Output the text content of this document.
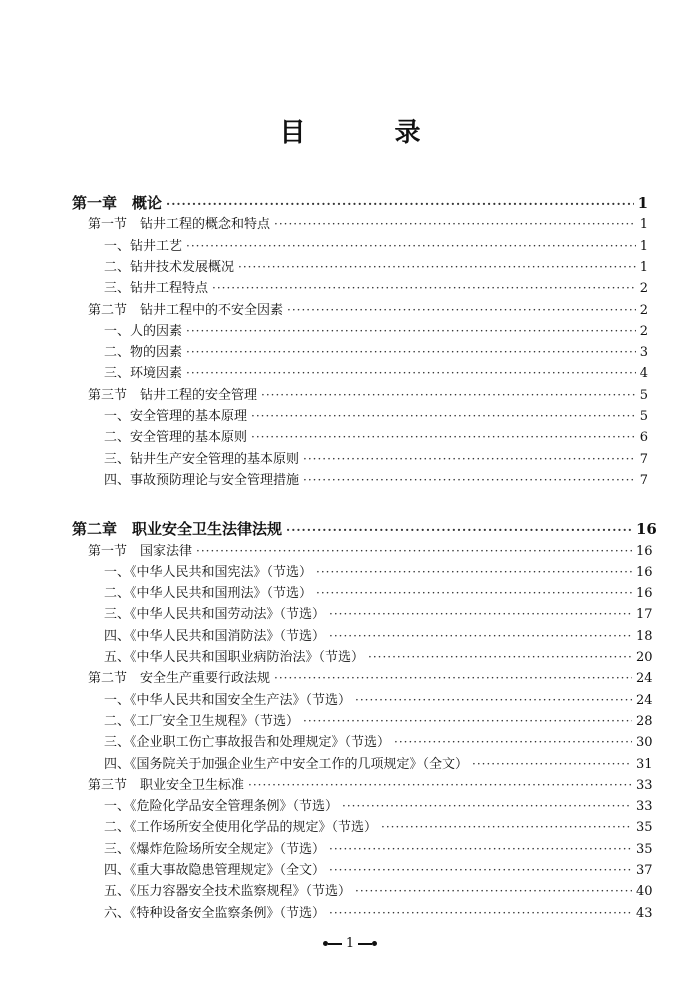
目 录
第一章　概论 ·····	1
第一节　钻井工程的概念和特点 ·····	1
一、钻井工艺 ·····	1
二、钻井技术发展概况 ·····	1
三、钻井工程特点 ·····	2
第二节　钻井工程中的不安全因素 ·····	2
一、人的因素 ·····	2
二、物的因素 ·····	3
三、环境因素 ·····	4
第三节　钻井工程的安全管理 ·····	5
一、安全管理的基本原理 ·····	5
二、安全管理的基本原则 ·····	6
三、钻井生产安全管理的基本原则 ·····	7
四、事故预防理论与安全管理措施 ·····	7
第二章　职业安全卫生法律法规 ·····	16
第一节　国家法律 ·····	16
一、《中华人民共和国宪法》（节选） ·····	16
二、《中华人民共和国刑法》（节选） ·····	16
三、《中华人民共和国劳动法》（节选） ·····	17
四、《中华人民共和国消防法》（节选） ·····	18
五、《中华人民共和国职业病防治法》（节选） ·····	20
第二节　安全生产重要行政法规 ·····	24
一、《中华人民共和国安全生产法》（节选） ·····	24
二、《工厂安全卫生规程》（节选） ·····	28
三、《企业职工伤亡事故报告和处理规定》（节选） ·····	30
四、《国务院关于加强企业生产中安全工作的几项规定》（全文） ·····	31
第三节　职业安全卫生标准 ·····	33
一、《危险化学品安全管理条例》（节选） ·····	33
二、《工作场所安全使用化学品的规定》（节选） ·····	35
三、《爆炸危险场所安全规定》（节选） ·····	35
四、《重大事故隐患管理规定》（全文） ·····	37
五、《压力容器安全技术监察规程》（节选） ·····	40
六、《特种设备安全监察条例》（节选） ·····	43
1
